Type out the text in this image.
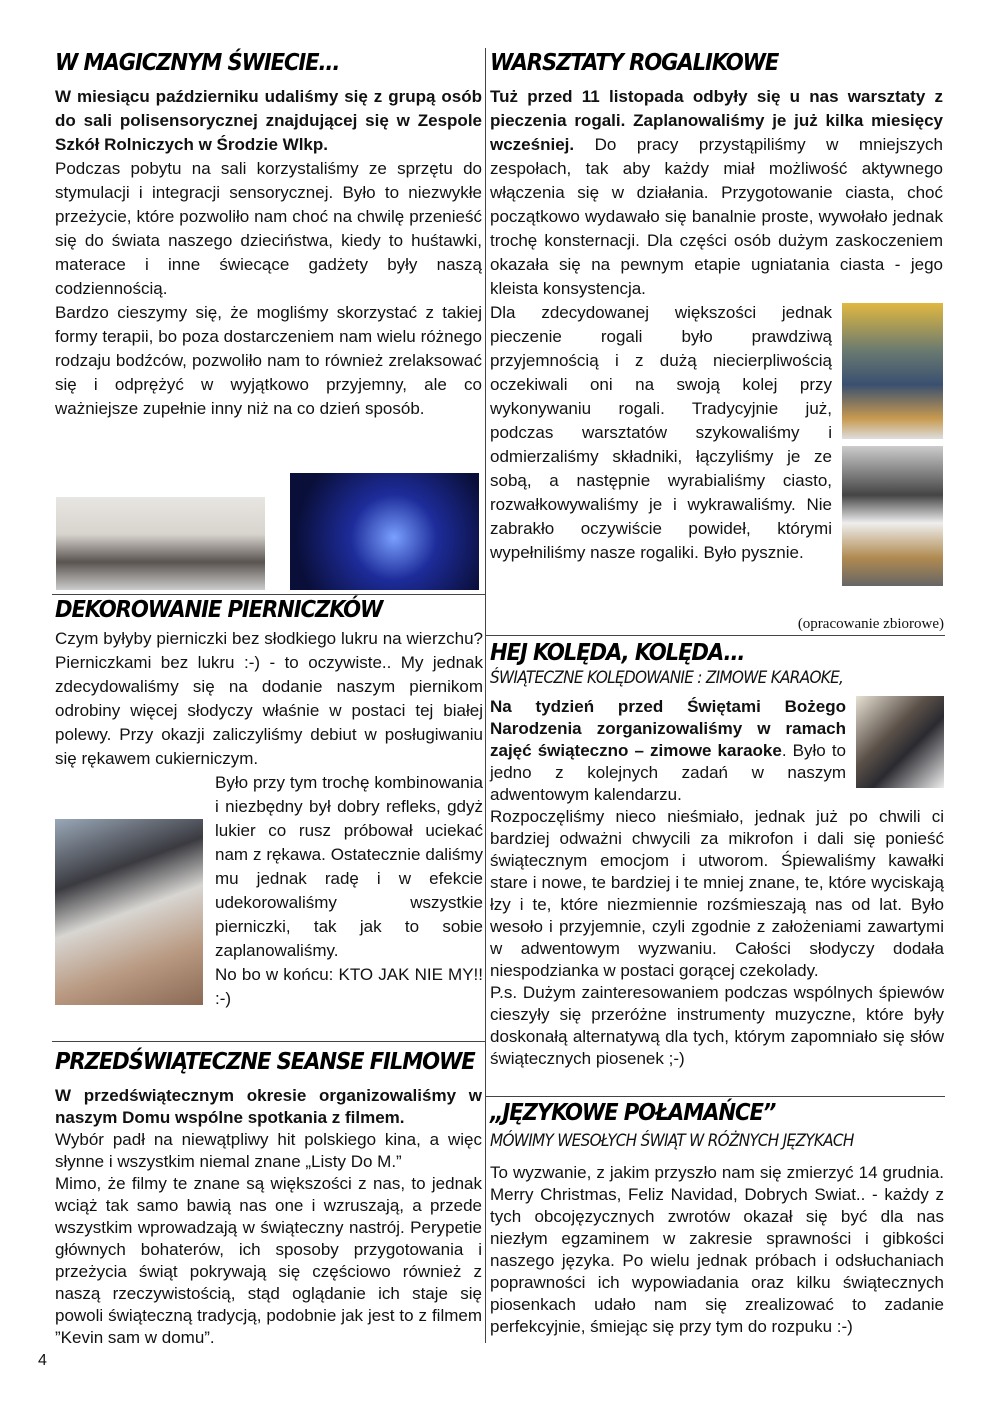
W MAGICZNYM ŚWIECIE...

W miesiącu październiku udaliśmy się z grupą osób do sali polisensorycznej znajdującej się w Zespole Szkół Rolniczych w Środzie Wlkp.

Podczas pobytu na sali korzystaliśmy ze sprzętu do stymulacji i integracji sensorycznej. Było to niezwykłe przeżycie, które pozwoliło nam choć na chwilę przenieść się do świata naszego dzieciństwa, kiedy to huśtawki, materace i inne świecące gadżety były naszą codziennością.

Bardzo cieszymy się, że mogliśmy skorzystać z takiej formy terapii, bo poza dostarczeniem nam wielu różnego rodzaju bodźców, pozwoliło nam to również zrelaksować się i odprężyć w wyjątkowo przyjemny, ale co ważniejsze zupełnie inny niż na co dzień sposób.

DEKOROWANIE PIERNICZKÓW

Czym byłyby pierniczki bez słodkiego lukru na wierzchu? Pierniczkami bez lukru :-) - to oczywiste.. My jednak zdecydowaliśmy się na dodanie naszym piernikom odrobiny więcej słodyczy właśnie w postaci tej białej polewy. Przy okazji zaliczyliśmy debiut w posługiwaniu się rękawem cukierniczym.

Było przy tym trochę kombinowania i niezbędny był dobry refleks, gdyż lukier co rusz próbował uciekać nam z rękawa. Ostatecznie daliśmy mu jednak radę i w efekcie udekorowaliśmy wszystkie pierniczki, tak jak to sobie zaplanowaliśmy.

No bo w końcu: KTO JAK NIE MY!! :-)

PRZEDŚWIĄTECZNE SEANSE FILMOWE

W przedświątecznym okresie organizowaliśmy w naszym Domu wspólne spotkania z filmem.

Wybór padł na niewątpliwy hit polskiego kina, a więc słynne i wszystkim niemal znane „Listy Do M.”

Mimo, że filmy te znane są większości z nas, to jednak wciąż tak samo bawią nas one i wzruszają, a przede wszystkim wprowadzają w świąteczny nastrój. Perypetie głównych bohaterów, ich sposoby przygotowania i przeżycia świąt pokrywają się częściowo również z naszą rzeczywistością, stąd oglądanie ich staje się powoli świąteczną tradycją, podobnie jak jest to z filmem ”Kevin sam w domu”.

4
WARSZTATY ROGALIKOWE

Tuż przed 11 listopada odbyły się u nas warsztaty z pieczenia rogali. Zaplanowaliśmy je już kilka miesięcy wcześniej. Do pracy przystąpiliśmy w mniejszych zespołach, tak aby każdy miał możliwość aktywnego włączenia się w działania. Przygotowanie ciasta, choć początkowo wydawało się banalnie proste, wywołało jednak trochę konsternacji. Dla części osób dużym zaskoczeniem okazała się na pewnym etapie ugniatania ciasta - jego kleista konsystencja.

Dla zdecydowanej większości jednak pieczenie rogali było prawdziwą przyjemnością i z dużą niecierpliwością oczekiwali oni na swoją kolej przy wykonywaniu rogali. Tradycyjnie już, podczas warsztatów szykowaliśmy i odmierzaliśmy składniki, łączyliśmy je ze sobą, a następnie wyrabialiśmy ciasto, rozwałkowywaliśmy je i wykrawaliśmy. Nie zabrakło oczywiście powideł, którymi wypełniliśmy nasze rogaliki. Było pysznie.

(opracowanie zbiorowe)
HEJ KOLĘDA, KOLĘDA...
ŚWIĄTECZNE KOLĘDOWANIE : ZIMOWE KARAOKE,

Na tydzień przed Świętami Bożego Narodzenia zorganizowaliśmy w ramach zajęć świąteczno – zimowe karaoke. Było to jedno z kolejnych zadań w naszym adwentowym kalendarzu.

Rozpoczęliśmy nieco nieśmiało, jednak już po chwili ci bardziej odważni chwycili za mikrofon i dali się ponieść świątecznym emocjom i utworom. Śpiewaliśmy kawałki stare i nowe, te bardziej i te mniej znane, te, które wyciskają łzy i te, które niezmiennie rozśmieszają nas od lat. Było wesoło i przyjemnie, czyli zgodnie z założeniami zawartymi w adwentowym wyzwaniu. Całości słodyczy dodała niespodzianka w postaci gorącej czekolady.

P.s. Dużym zainteresowaniem podczas wspólnych śpiewów cieszyły się przeróżne instrumenty muzyczne, które były doskonałą alternatywą dla tych, którym zapomniało się słów świątecznych piosenek ;-)

„JĘZYKOWE POŁAMAŃCE”
MÓWIMY WESOŁYCH ŚWIĄT W RÓŻNYCH JĘZYKACH

To wyzwanie, z jakim przyszło nam się zmierzyć 14 grudnia. Merry Christmas, Feliz Navidad, Dobrych Swiat.. - każdy z tych obcojęzycznych zwrotów okazał się być dla nas niezłym egzaminem w zakresie sprawności i gibkości naszego języka. Po wielu jednak próbach i odsłuchaniach poprawności ich wypowiadania oraz kilku świątecznych piosenkach udało nam się zrealizować to zadanie perfekcyjnie, śmiejąc się przy tym do rozpuku :-)
